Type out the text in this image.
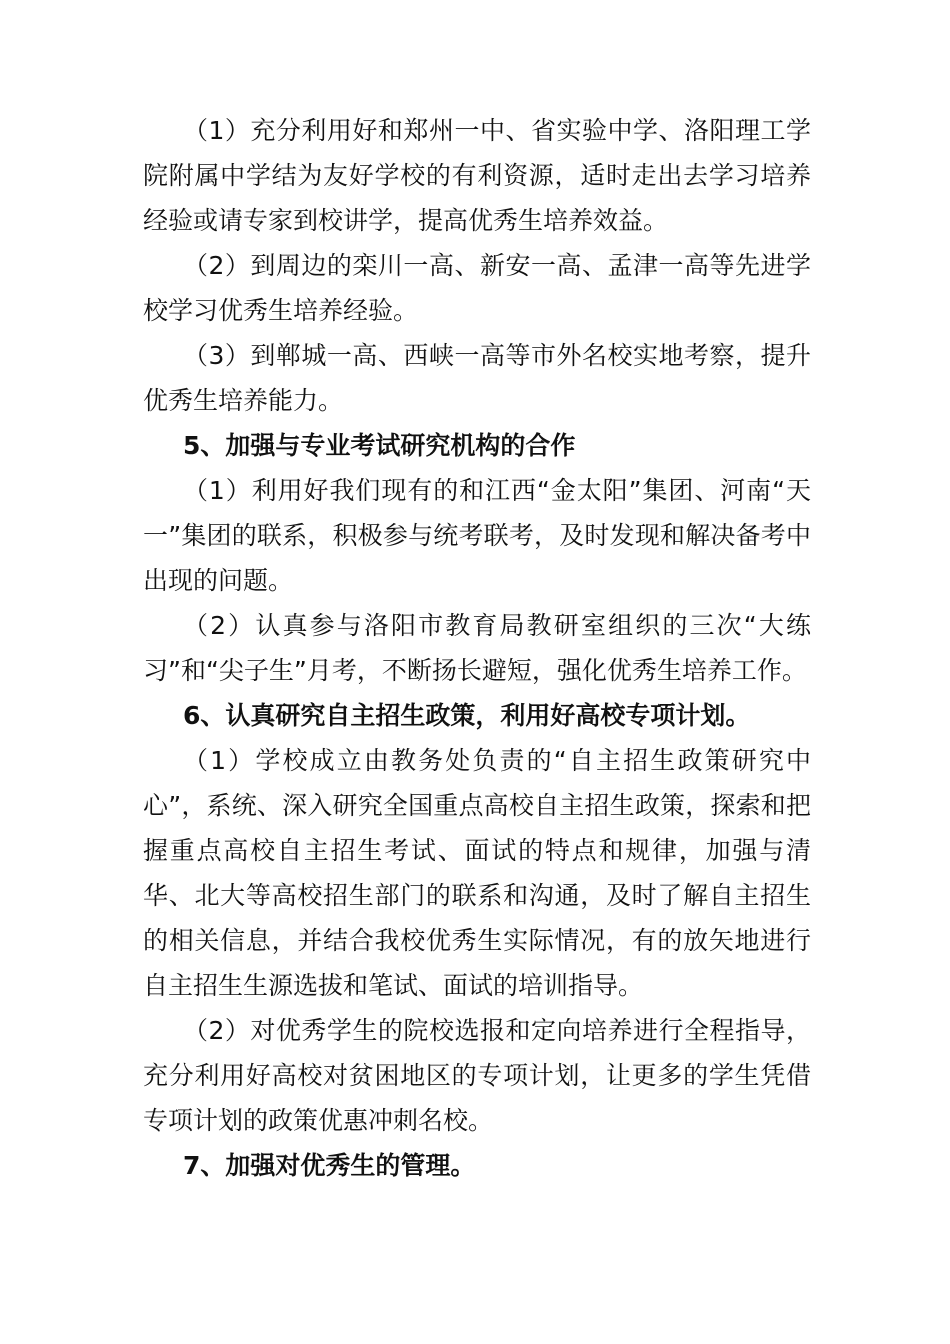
（1）充分利用好和郑州一中、省实验中学、洛阳理工学院附属中学结为友好学校的有利资源，适时走出去学习培养经验或请专家到校讲学，提高优秀生培养效益。

（2）到周边的栾川一高、新安一高、孟津一高等先进学校学习优秀生培养经验。

（3）到郸城一高、西峡一高等市外名校实地考察，提升优秀生培养能力。

5、加强与专业考试研究机构的合作

（1）利用好我们现有的和江西“金太阳”集团、河南“天一”集团的联系，积极参与统考联考，及时发现和解决备考中出现的问题。

（2）认真参与洛阳市教育局教研室组织的三次“大练习”和“尖子生”月考，不断扬长避短，强化优秀生培养工作。

6、认真研究自主招生政策，利用好高校专项计划。

（1）学校成立由教务处负责的“自主招生政策研究中心”，系统、深入研究全国重点高校自主招生政策，探索和把握重点高校自主招生考试、面试的特点和规律，加强与清华、北大等高校招生部门的联系和沟通，及时了解自主招生的相关信息，并结合我校优秀生实际情况，有的放矢地进行自主招生生源选拔和笔试、面试的培训指导。

（2）对优秀学生的院校选报和定向培养进行全程指导，充分利用好高校对贫困地区的专项计划，让更多的学生凭借专项计划的政策优惠冲刺名校。

7、加强对优秀生的管理。
